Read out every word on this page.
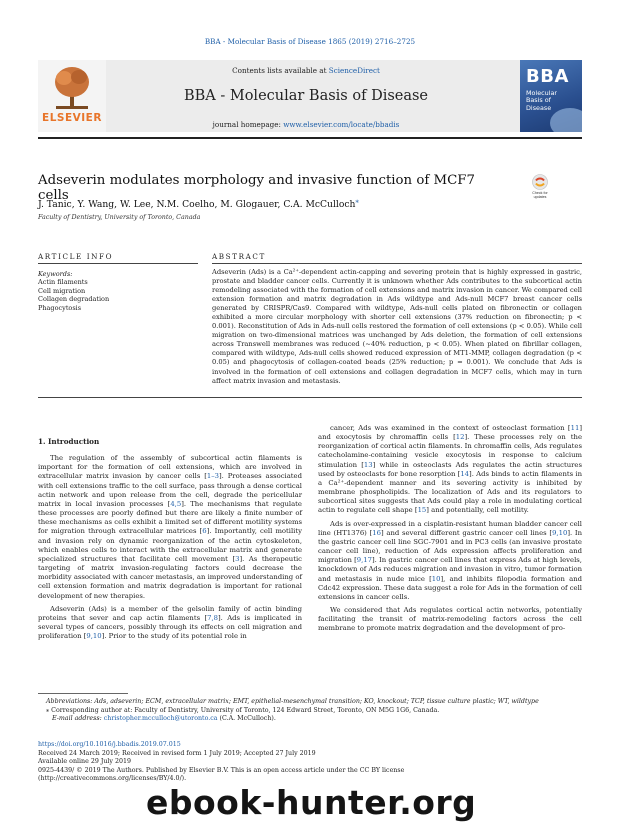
BBA - Molecular Basis of Disease 1865 (2019) 2716–2725
ELSEVIER
Contents lists available at ScienceDirect
BBA - Molecular Basis of Disease
journal homepage: www.elsevier.com/locate/bbadis
BBA
Molecular
Basis of
Disease
Adseverin modulates morphology and invasive function of MCF7 cells	Check for
updates
J. Tanic, Y. Wang, W. Lee, N.M. Coelho, M. Glogauer, C.A. McCulloch⁎
Faculty of Dentistry, University of Toronto, Canada
ARTICLE INFO	ABSTRACT
Keywords:
Actin filaments
Cell migration
Collagen degradation
Phagocytosis
Adseverin (Ads) is a Ca²⁺-dependent actin-capping and severing protein that is highly expressed in gastric, prostate and bladder cancer cells. Currently it is unknown whether Ads contributes to the subcortical actin remodeling associated with the formation of cell extensions and matrix invasion in cancer. We compared cell extension formation and matrix degradation in Ads wildtype and Ads-null MCF7 breast cancer cells generated by CRISPR/Cas9. Compared with wildtype, Ads-null cells plated on fibronectin or collagen exhibited a more circular morphology with shorter cell extensions (37% reduction on fibronectin; p < 0.001). Reconstitution of Ads in Ads-null cells restored the formation of cell extensions (p < 0.05). While cell migration on two-dimensional matrices was unchanged by Ads deletion, the formation of cell extensions across Transwell membranes was reduced (~40% reduction, p < 0.05). When plated on fibrillar collagen, compared with wildtype, Ads-null cells showed reduced expression of MT1-MMP, collagen degradation (p < 0.05) and phagocytosis of collagen-coated beads (25% reduction; p = 0.001). We conclude that Ads is involved in the formation of cell extensions and collagen degradation in MCF7 cells, which may in turn affect matrix invasion and metastasis.
1. Introduction

The regulation of the assembly of subcortical actin filaments is important for the formation of cell extensions, which are involved in extracellular matrix invasion by cancer cells [1–3]. Proteases associated with cell extensions traffic to the cell surface, pass through a dense cortical actin network and upon release from the cell, degrade the pericellular matrix in local invasion processes [4,5]. The mechanisms that regulate these processes are poorly defined but there are likely a finite number of these mechanisms as cells exhibit a limited set of different motility systems for migration through extracellular matrices [6]. Importantly, cell motility and invasion rely on dynamic reorganization of the actin cytoskeleton, which enables cells to interact with the extracellular matrix and generate specialized structures that facilitate cell movement [3]. As therapeutic targeting of matrix invasion-regulating factors could decrease the morbidity associated with cancer metastasis, an improved understanding of cell extension formation and matrix degradation is important for rational development of new therapies.

Adseverin (Ads) is a member of the gelsolin family of actin binding proteins that sever and cap actin filaments [7,8]. Ads is implicated in several types of cancers, possibly through its effects on cell migration and proliferation [9,10]. Prior to the study of its potential role in

cancer, Ads was examined in the context of osteoclast formation [11] and exocytosis by chromaffin cells [12]. These processes rely on the reorganization of cortical actin filaments. In chromaffin cells, Ads regulates catecholamine-containing vesicle exocytosis in response to calcium stimulation [13] while in osteoclasts Ads regulates the actin structures used by osteoclasts for bone resorption [14]. Ads binds to actin filaments in a Ca²⁺-dependent manner and its severing activity is inhibited by membrane phospholipids. The localization of Ads and its regulators to subcortical sites suggests that Ads could play a role in modulating cortical actin to regulate cell shape [15] and potentially, cell motility.

Ads is over-expressed in a cisplatin-resistant human bladder cancer cell line (HT1376) [16] and several different gastric cancer cell lines [9,10]. In the gastric cancer cell line SGC-7901 and in PC3 cells (an invasive prostate cancer cell line), reduction of Ads expression affects proliferation and migration [9,17]. In gastric cancer cell lines that express Ads at high levels, knockdown of Ads reduces migration and invasion in vitro, tumor formation and metastasis in nude mice [10], and inhibits filopodia formation and Cdc42 expression. These data suggest a role for Ads in the formation of cell extensions in cancer cells.

We considered that Ads regulates cortical actin networks, potentially facilitating the transit of matrix-remodeling factors across the cell membrane to promote matrix degradation and the development of pro-

Abbreviations: Ads, adseverin; ECM, extracellular matrix; EMT, epithelial-mesenchymal transition; KO, knockout; TCP, tissue culture plastic; WT, wildtype
⁎ Corresponding author at: Faculty of Dentistry, University of Toronto, 124 Edward Street, Toronto, ON M5G 1G6, Canada.
E-mail address: christopher.mcculloch@utoronto.ca (C.A. McCulloch).
https://doi.org/10.1016/j.bbadis.2019.07.015
Received 24 March 2019; Received in revised form 1 July 2019; Accepted 27 July 2019
Available online 29 July 2019
0925-4439/ © 2019 The Authors. Published by Elsevier B.V. This is an open access article under the CC BY license
(http://creativecommons.org/licenses/BY/4.0/).
ebook-hunter.org
